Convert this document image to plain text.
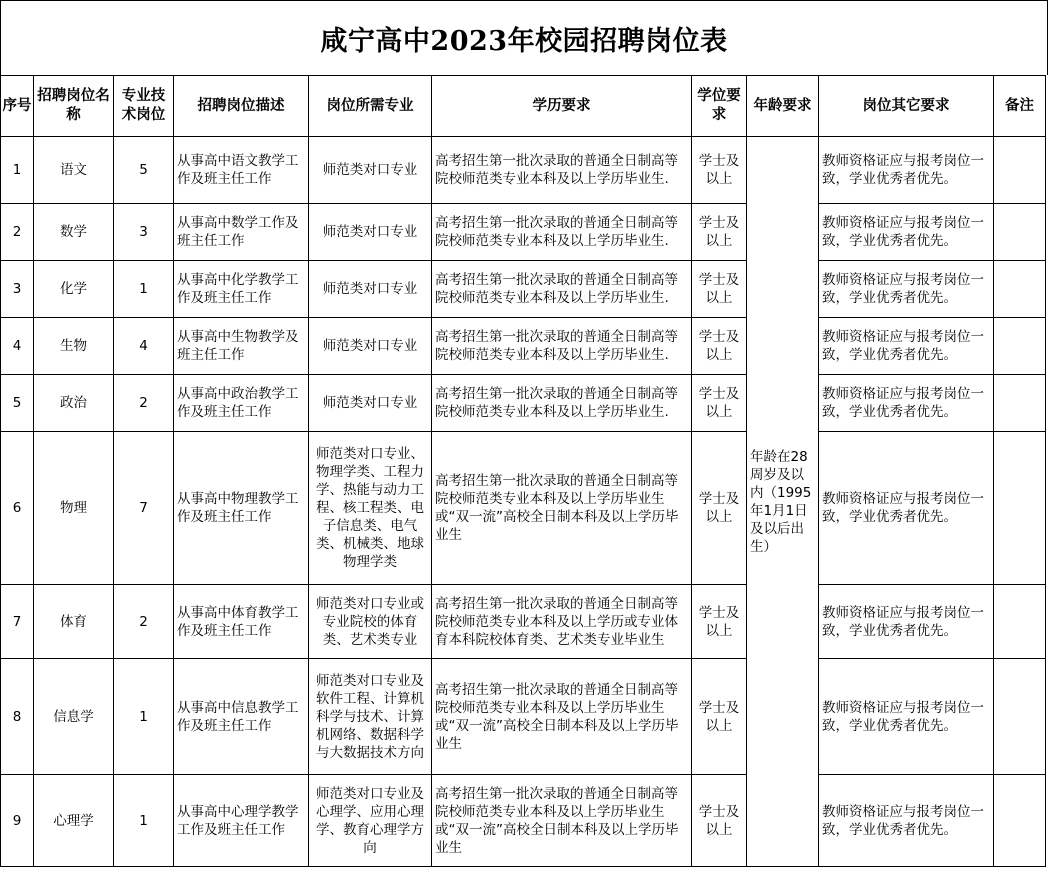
咸宁高中2023年校园招聘岗位表
序号	招聘岗位名称	专业技术岗位	招聘岗位描述	岗位所需专业	学历要求	学位要求	年龄要求	岗位其它要求	备注
1	语文	5	从事高中语文教学工作及班主任工作	师范类对口专业	高考招生第一批次录取的普通全日制高等院校师范类专业本科及以上学历毕业生.	学士及以上	年龄在28周岁及以内（1995年1月1日及以后出生）	教师资格证应与报考岗位一致，学业优秀者优先。	
2	数学	3	从事高中数学工作及班主任工作	师范类对口专业	高考招生第一批次录取的普通全日制高等院校师范类专业本科及以上学历毕业生.	学士及以上		教师资格证应与报考岗位一致，学业优秀者优先。	
3	化学	1	从事高中化学教学工作及班主任工作	师范类对口专业	高考招生第一批次录取的普通全日制高等院校师范类专业本科及以上学历毕业生.	学士及以上		教师资格证应与报考岗位一致，学业优秀者优先。	
4	生物	4	从事高中生物教学及班主任工作	师范类对口专业	高考招生第一批次录取的普通全日制高等院校师范类专业本科及以上学历毕业生.	学士及以上		教师资格证应与报考岗位一致，学业优秀者优先。	
5	政治	2	从事高中政治教学工作及班主任工作	师范类对口专业	高考招生第一批次录取的普通全日制高等院校师范类专业本科及以上学历毕业生.	学士及以上		教师资格证应与报考岗位一致，学业优秀者优先。	
6	物理	7	从事高中物理教学工作及班主任工作	师范类对口专业、物理学类、工程力学、热能与动力工程、核工程类、电子信息类、电气类、机械类、地球物理学类	高考招生第一批次录取的普通全日制高等院校师范类专业本科及以上学历毕业生或“双一流”高校全日制本科及以上学历毕业生	学士及以上		教师资格证应与报考岗位一致，学业优秀者优先。	
7	体育	2	从事高中体育教学工作及班主任工作	师范类对口专业或专业院校的体育类、艺术类专业	高考招生第一批次录取的普通全日制高等院校师范类专业本科及以上学历或专业体育本科院校体育类、艺术类专业毕业生	学士及以上		教师资格证应与报考岗位一致，学业优秀者优先。	
8	信息学	1	从事高中信息教学工作及班主任工作	师范类对口专业及软件工程、计算机科学与技术、计算机网络、数据科学与大数据技术方向	高考招生第一批次录取的普通全日制高等院校师范类专业本科及以上学历毕业生或“双一流”高校全日制本科及以上学历毕业生	学士及以上		教师资格证应与报考岗位一致，学业优秀者优先。	
9	心理学	1	从事高中心理学教学工作及班主任工作	师范类对口专业及心理学、应用心理学、教育心理学方向	高考招生第一批次录取的普通全日制高等院校师范类专业本科及以上学历毕业生或“双一流”高校全日制本科及以上学历毕业生	学士及以上		教师资格证应与报考岗位一致，学业优秀者优先。	
